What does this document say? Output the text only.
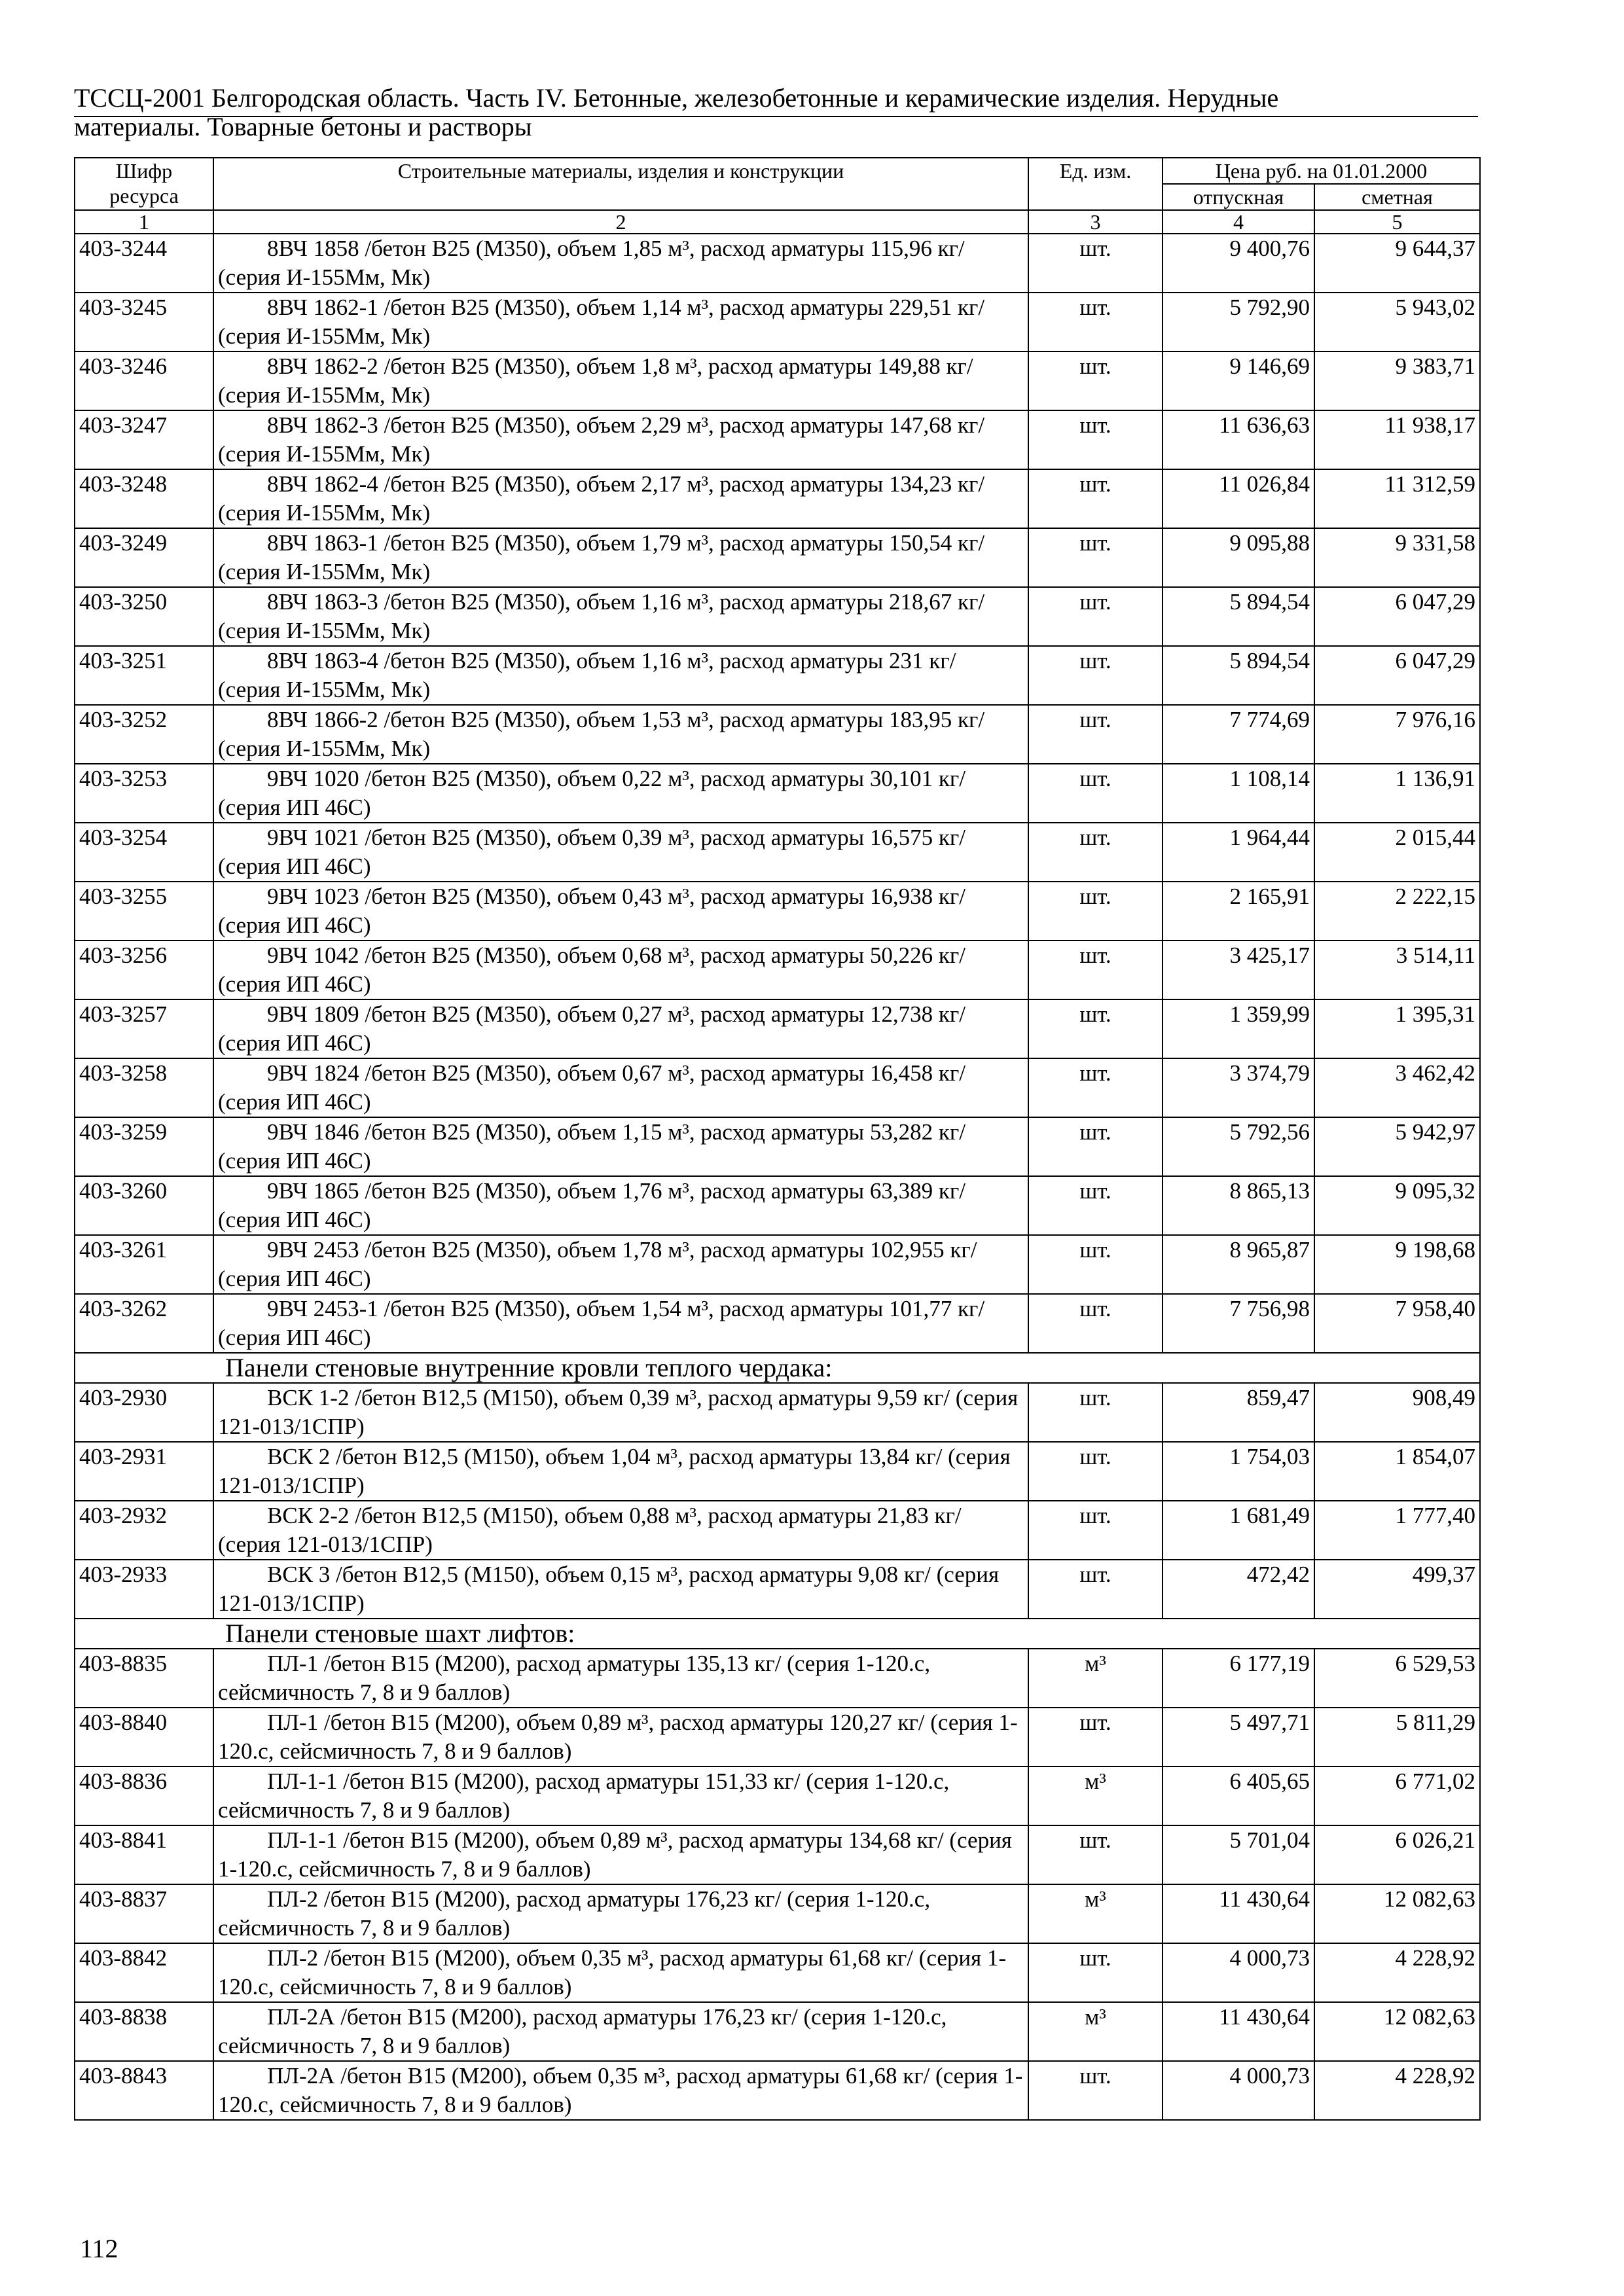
ТССЦ-2001 Белгородская область. Часть IV. Бетонные, железобетонные и керамические изделия. Нерудные
материалы. Товарные бетоны и растворы
Шифр ресурса	Строительные материалы, изделия и конструкции	Ед. изм.	Цена руб. на 01.01.2000	
			отпускная	сметная
1	2	3	4	5
403-3244	8ВЧ 1858 /бетон В25 (М350), объем 1,85 м³, расход арматуры 115,96 кг/ (серия И-155Мм, Мк)	шт.	9 400,76	9 644,37
403-3245	8ВЧ 1862-1 /бетон В25 (М350), объем 1,14 м³, расход арматуры 229,51 кг/ (серия И-155Мм, Мк)	шт.	5 792,90	5 943,02
403-3246	8ВЧ 1862-2 /бетон В25 (М350), объем 1,8 м³, расход арматуры 149,88 кг/ (серия И-155Мм, Мк)	шт.	9 146,69	9 383,71
403-3247	8ВЧ 1862-3 /бетон В25 (М350), объем 2,29 м³, расход арматуры 147,68 кг/ (серия И-155Мм, Мк)	шт.	11 636,63	11 938,17
403-3248	8ВЧ 1862-4 /бетон В25 (М350), объем 2,17 м³, расход арматуры 134,23 кг/ (серия И-155Мм, Мк)	шт.	11 026,84	11 312,59
403-3249	8ВЧ 1863-1 /бетон В25 (М350), объем 1,79 м³, расход арматуры 150,54 кг/ (серия И-155Мм, Мк)	шт.	9 095,88	9 331,58
403-3250	8ВЧ 1863-3 /бетон В25 (М350), объем 1,16 м³, расход арматуры 218,67 кг/ (серия И-155Мм, Мк)	шт.	5 894,54	6 047,29
403-3251	8ВЧ 1863-4 /бетон В25 (М350), объем 1,16 м³, расход арматуры 231 кг/ (серия И-155Мм, Мк)	шт.	5 894,54	6 047,29
403-3252	8ВЧ 1866-2 /бетон В25 (М350), объем 1,53 м³, расход арматуры 183,95 кг/ (серия И-155Мм, Мк)	шт.	7 774,69	7 976,16
403-3253	9ВЧ 1020 /бетон В25 (М350), объем 0,22 м³, расход арматуры 30,101 кг/ (серия ИП 46С)	шт.	1 108,14	1 136,91
403-3254	9ВЧ 1021 /бетон В25 (М350), объем 0,39 м³, расход арматуры 16,575 кг/ (серия ИП 46С)	шт.	1 964,44	2 015,44
403-3255	9ВЧ 1023 /бетон В25 (М350), объем 0,43 м³, расход арматуры 16,938 кг/ (серия ИП 46С)	шт.	2 165,91	2 222,15
403-3256	9ВЧ 1042 /бетон В25 (М350), объем 0,68 м³, расход арматуры 50,226 кг/ (серия ИП 46С)	шт.	3 425,17	3 514,11
403-3257	9ВЧ 1809 /бетон В25 (М350), объем 0,27 м³, расход арматуры 12,738 кг/ (серия ИП 46С)	шт.	1 359,99	1 395,31
403-3258	9ВЧ 1824 /бетон В25 (М350), объем 0,67 м³, расход арматуры 16,458 кг/ (серия ИП 46С)	шт.	3 374,79	3 462,42
403-3259	9ВЧ 1846 /бетон В25 (М350), объем 1,15 м³, расход арматуры 53,282 кг/ (серия ИП 46С)	шт.	5 792,56	5 942,97
403-3260	9ВЧ 1865 /бетон В25 (М350), объем 1,76 м³, расход арматуры 63,389 кг/ (серия ИП 46С)	шт.	8 865,13	9 095,32
403-3261	9ВЧ 2453 /бетон В25 (М350), объем 1,78 м³, расход арматуры 102,955 кг/ (серия ИП 46С)	шт.	8 965,87	9 198,68
403-3262	9ВЧ 2453-1 /бетон В25 (М350), объем 1,54 м³, расход арматуры 101,77 кг/ (серия ИП 46С)	шт.	7 756,98	7 958,40
Панели стеновые внутренние кровли теплого чердака:				
403-2930	ВСК 1-2 /бетон В12,5 (М150), объем 0,39 м³, расход арматуры 9,59 кг/ (серия 121-013/1СПР)	шт.	859,47	908,49
403-2931	ВСК 2 /бетон В12,5 (М150), объем 1,04 м³, расход арматуры 13,84 кг/ (серия 121-013/1СПР)	шт.	1 754,03	1 854,07
403-2932	ВСК 2-2 /бетон В12,5 (М150), объем 0,88 м³, расход арматуры 21,83 кг/ (серия 121-013/1СПР)	шт.	1 681,49	1 777,40
403-2933	ВСК 3 /бетон В12,5 (М150), объем 0,15 м³, расход арматуры 9,08 кг/ (серия 121-013/1СПР)	шт.	472,42	499,37
Панели стеновые шахт лифтов:				
403-8835	ПЛ-1 /бетон В15 (М200), расход арматуры 135,13 кг/ (серия 1-120.с, сейсмичность 7, 8 и 9 баллов)	м³	6 177,19	6 529,53
403-8840	ПЛ-1 /бетон В15 (М200), объем 0,89 м³, расход арматуры 120,27 кг/ (серия 1-120.с, сейсмичность 7, 8 и 9 баллов)	шт.	5 497,71	5 811,29
403-8836	ПЛ-1-1 /бетон В15 (М200), расход арматуры 151,33 кг/ (серия 1-120.с, сейсмичность 7, 8 и 9 баллов)	м³	6 405,65	6 771,02
403-8841	ПЛ-1-1 /бетон В15 (М200), объем 0,89 м³, расход арматуры 134,68 кг/ (серия 1-120.с, сейсмичность 7, 8 и 9 баллов)	шт.	5 701,04	6 026,21
403-8837	ПЛ-2 /бетон В15 (М200), расход арматуры 176,23 кг/ (серия 1-120.с, сейсмичность 7, 8 и 9 баллов)	м³	11 430,64	12 082,63
403-8842	ПЛ-2 /бетон В15 (М200), объем 0,35 м³, расход арматуры 61,68 кг/ (серия 1-120.с, сейсмичность 7, 8 и 9 баллов)	шт.	4 000,73	4 228,92
403-8838	ПЛ-2А /бетон В15 (М200), расход арматуры 176,23 кг/ (серия 1-120.с, сейсмичность 7, 8 и 9 баллов)	м³	11 430,64	12 082,63
403-8843	ПЛ-2А /бетон В15 (М200), объем 0,35 м³, расход арматуры 61,68 кг/ (серия 1-120.с, сейсмичность 7, 8 и 9 баллов)	шт.	4 000,73	4 228,92
112
